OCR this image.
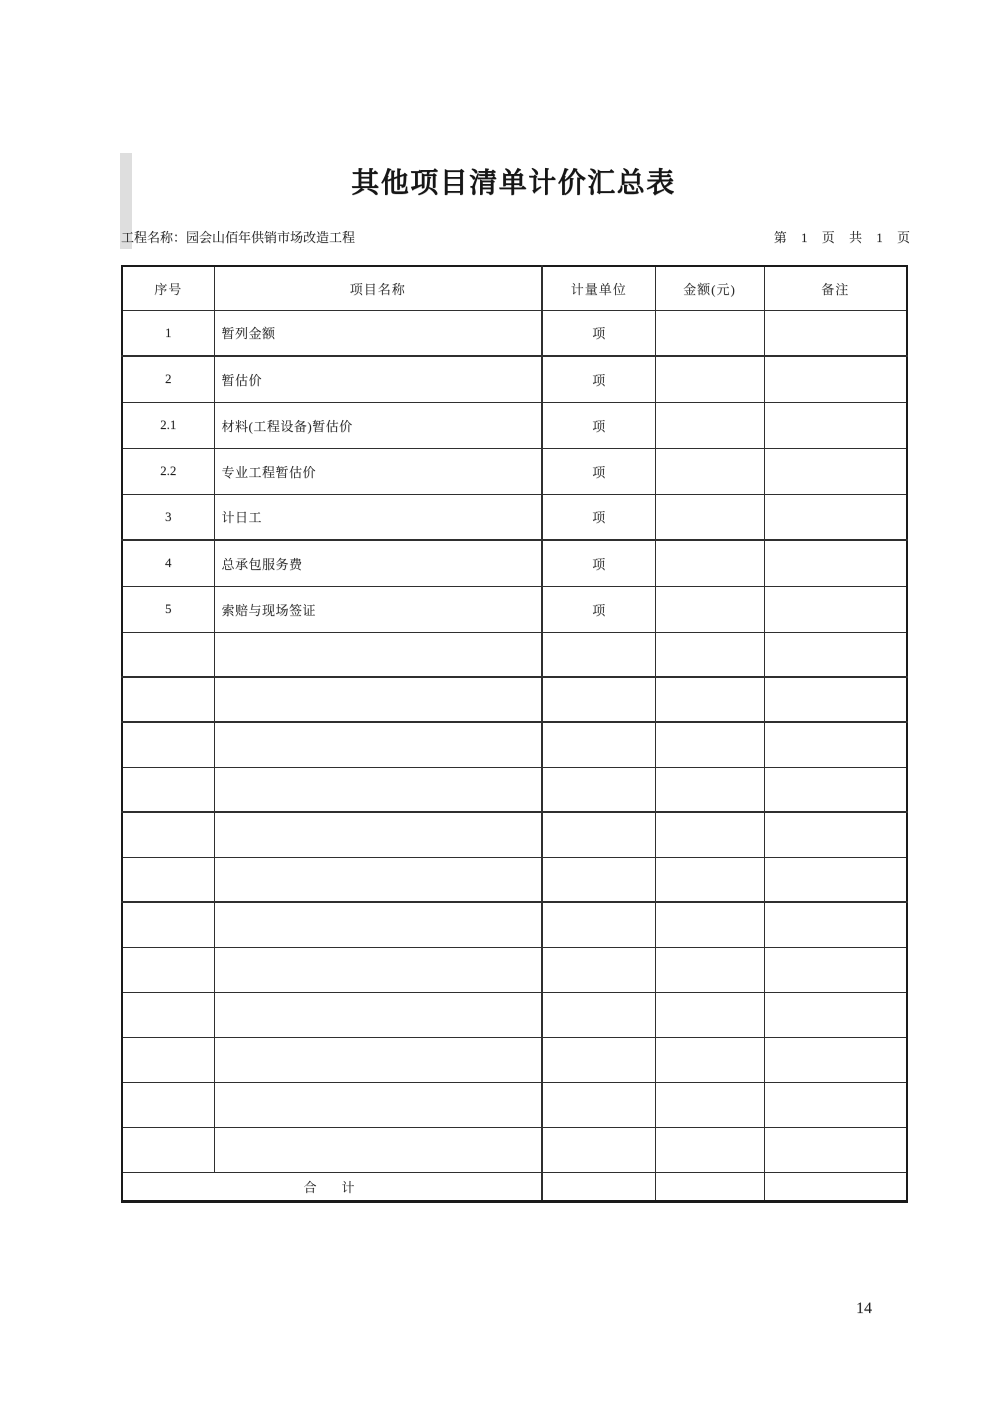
其他项目清单计价汇总表
工程名称：园会山佰年供销市场改造工程	第 1 页 共 1 页
序号	项目名称	计量单位	金额(元)	备注
1	暂列金额	项		
2	暂估价	项		
2.1	材料(工程设备)暂估价	项		
2.2	专业工程暂估价	项		
3	计日工	项		
4	总承包服务费	项		
5	索赔与现场签证	项		

合　计				
14
